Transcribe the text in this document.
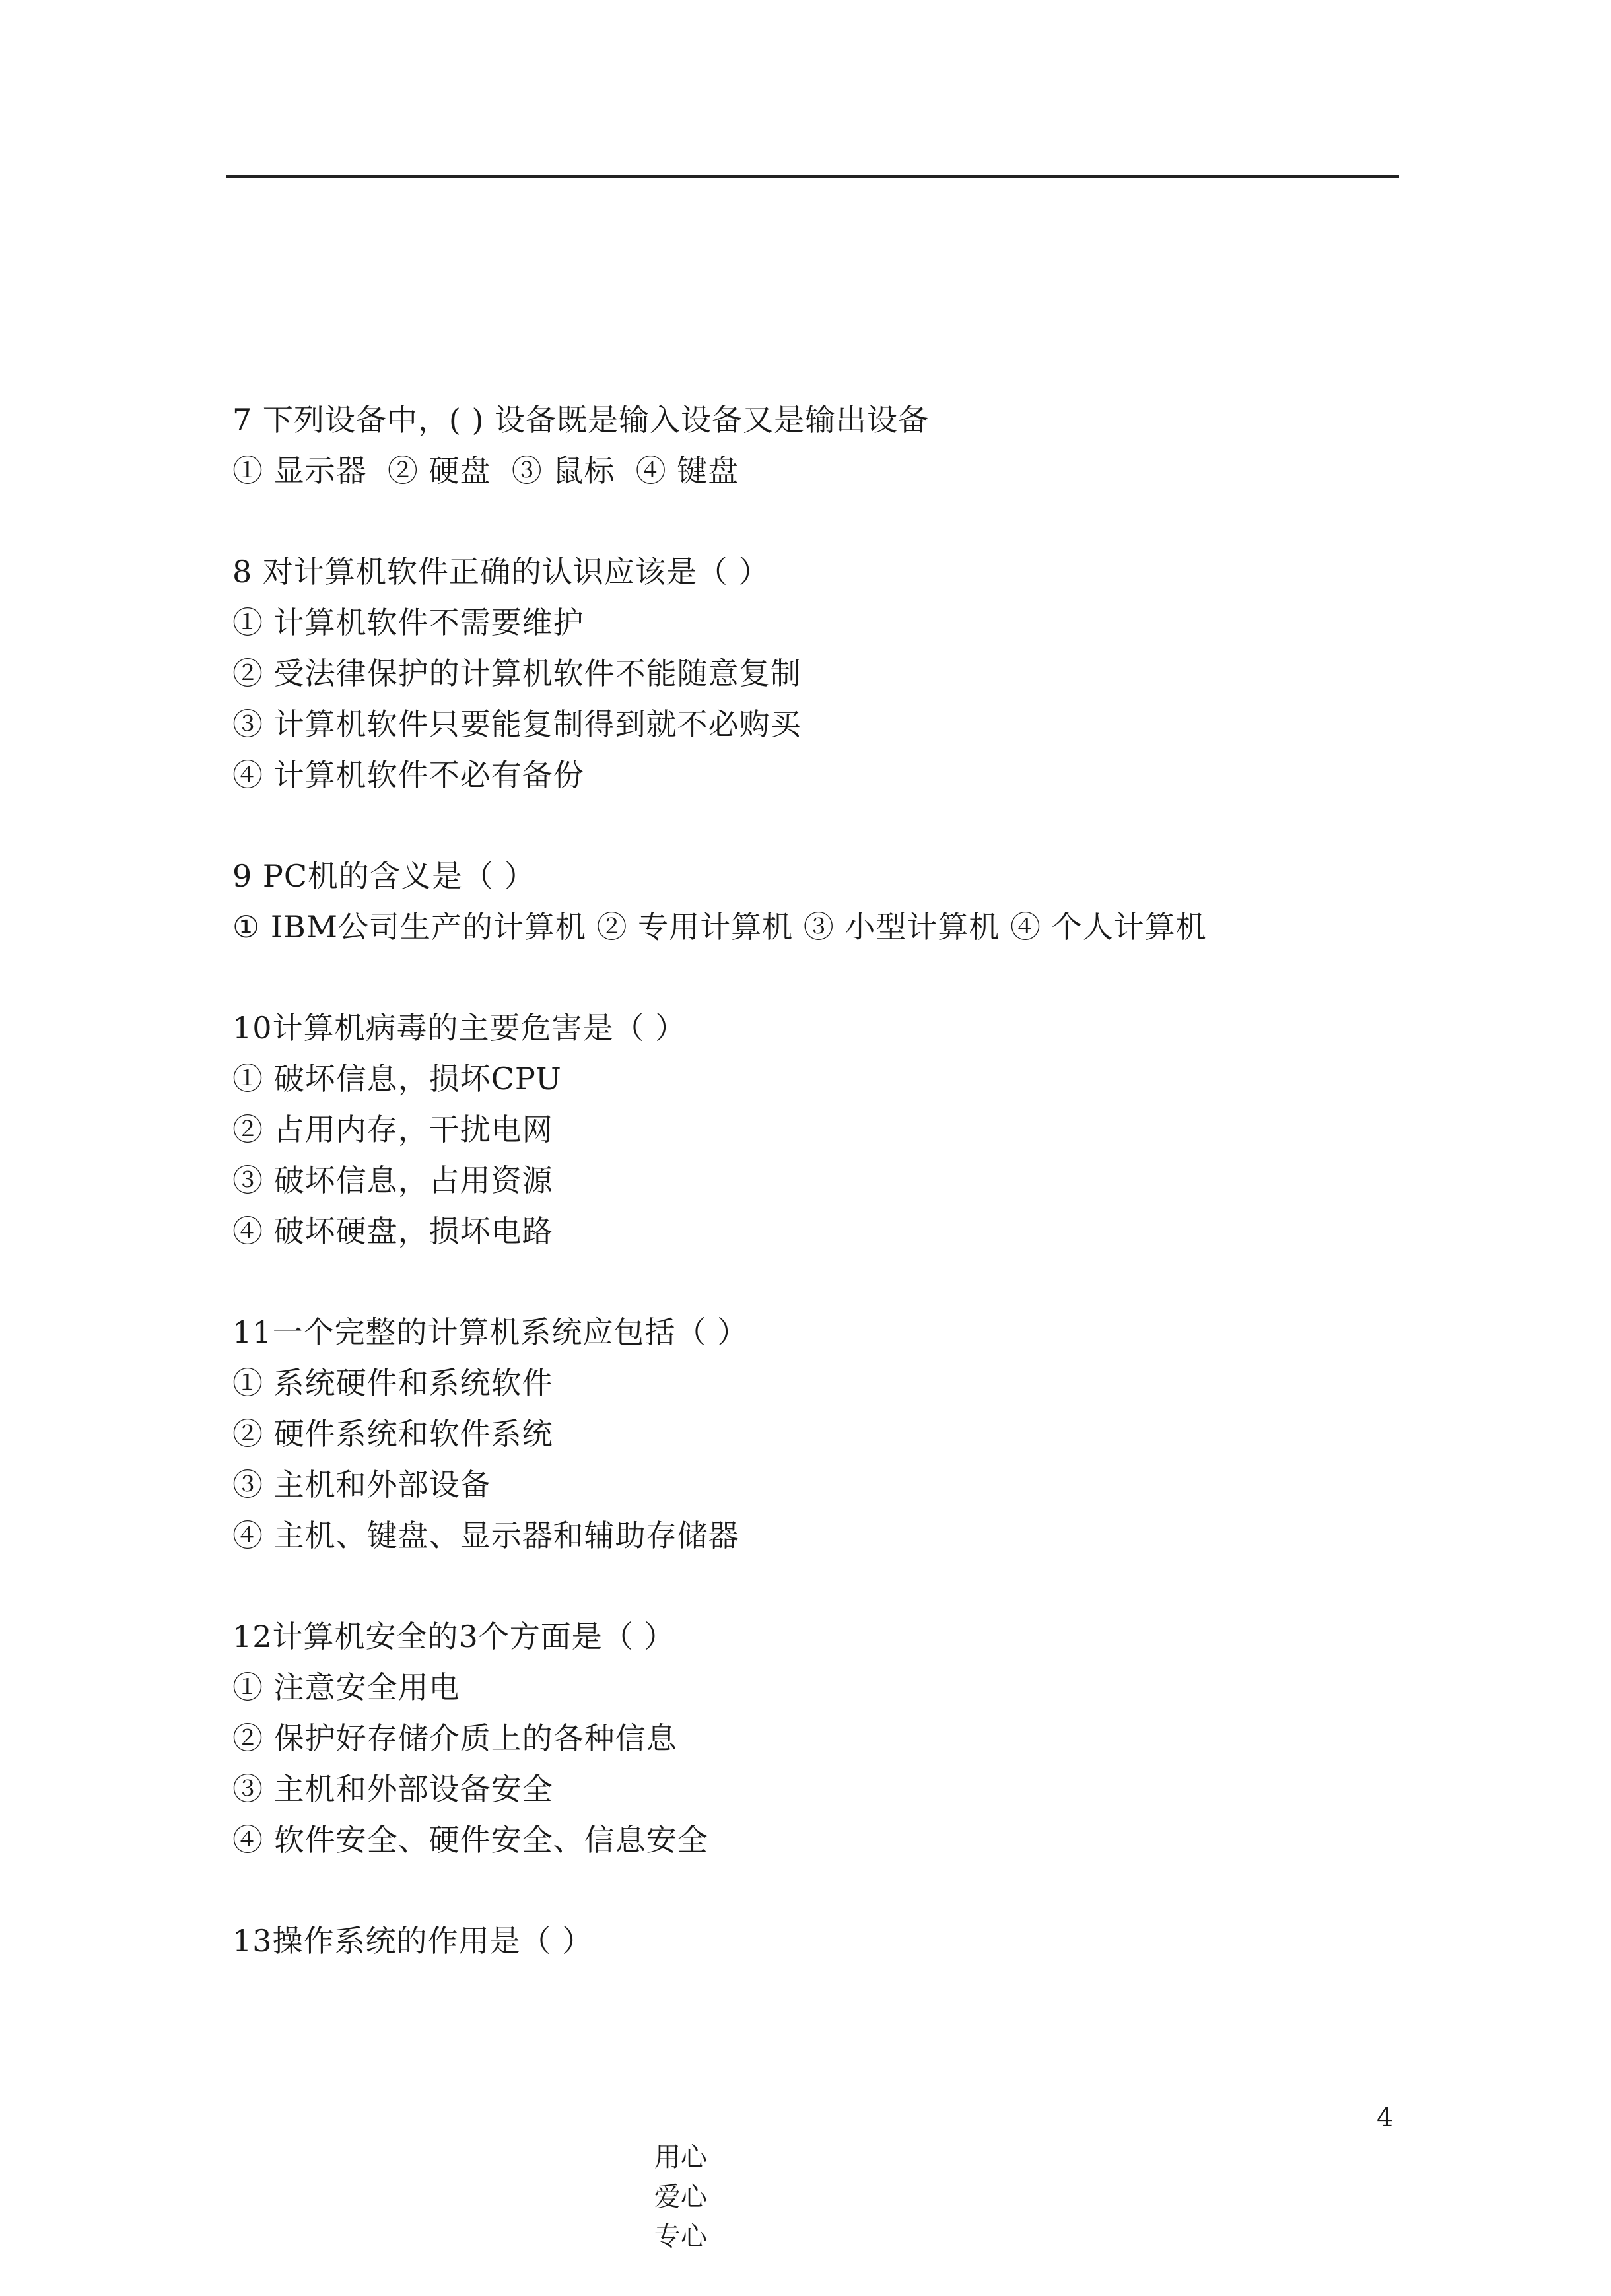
7 下列设备中，( ) 设备既是输入设备又是输出设备
① 显示器  ② 硬盘  ③ 鼠标  ④ 键盘
8 对计算机软件正确的认识应该是（ ）
① 计算机软件不需要维护
② 受法律保护的计算机软件不能随意复制
③ 计算机软件只要能复制得到就不必购买
④ 计算机软件不必有备份
9 PC机的含义是（ ）
① IBM公司生产的计算机 ② 专用计算机 ③ 小型计算机 ④ 个人计算机
10计算机病毒的主要危害是（ ）
① 破坏信息，损坏CPU
② 占用内存，干扰电网
③ 破坏信息，占用资源
④ 破坏硬盘，损坏电路
11一个完整的计算机系统应包括（ ）
① 系统硬件和系统软件
② 硬件系统和软件系统
③ 主机和外部设备
④ 主机、键盘、显示器和辅助存储器
12计算机安全的3个方面是（ ）
① 注意安全用电
② 保护好存储介质上的各种信息
③ 主机和外部设备安全
④ 软件安全、硬件安全、信息安全
13操作系统的作用是（ ）

用心
爱心
专心

4
